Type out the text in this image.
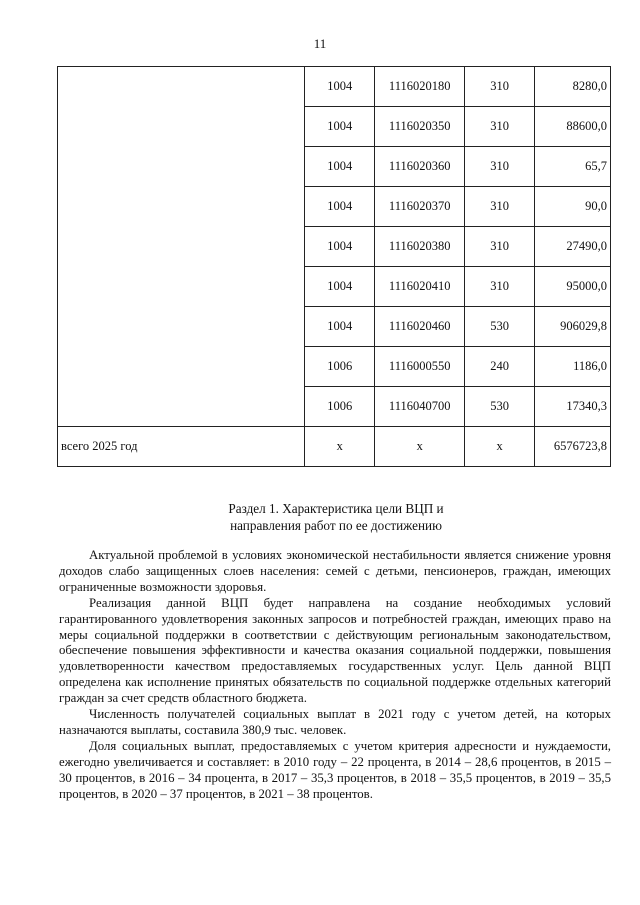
11
	1004	1116020180	310	8280,0
	1004	1116020350	310	88600,0
	1004	1116020360	310	65,7
	1004	1116020370	310	90,0
	1004	1116020380	310	27490,0
	1004	1116020410	310	95000,0
	1004	1116020460	530	906029,8
	1006	1116000550	240	1186,0
	1006	1116040700	530	17340,3
всего 2025 год	x	x	x	6576723,8
Раздел 1. Характеристика цели ВЦП и
направления работ по ее достижению

Актуальной проблемой в условиях экономической нестабильности является снижение уровня доходов слабо защищенных слоев населения: семей с детьми, пенсионеров, граждан, имеющих ограниченные возможности здоровья.

Реализация данной ВЦП будет направлена на создание необходимых условий гарантированного удовлетворения законных запросов и потребностей граждан, имеющих право на меры социальной поддержки в соответствии с действующим региональным законодательством, обеспечение повышения эффективности и качества оказания социальной поддержки, повышения удовлетворенности качеством предоставляемых государственных услуг. Цель данной ВЦП определена как исполнение принятых обязательств по социальной поддержке отдельных категорий граждан за счет средств областного бюджета.

Численность получателей социальных выплат в 2021 году с учетом детей, на которых назначаются выплаты, составила 380,9 тыс. человек.

Доля социальных выплат, предоставляемых с учетом критерия адресности и нуждаемости, ежегодно увеличивается и составляет: в 2010 году – 22 процента, в 2014 – 28,6 процентов, в 2015 – 30 процентов, в 2016 – 34 процента, в 2017 – 35,3 процентов, в 2018 – 35,5 процентов, в 2019 – 35,5 процентов, в 2020 – 37 процентов, в 2021 – 38 процентов.
